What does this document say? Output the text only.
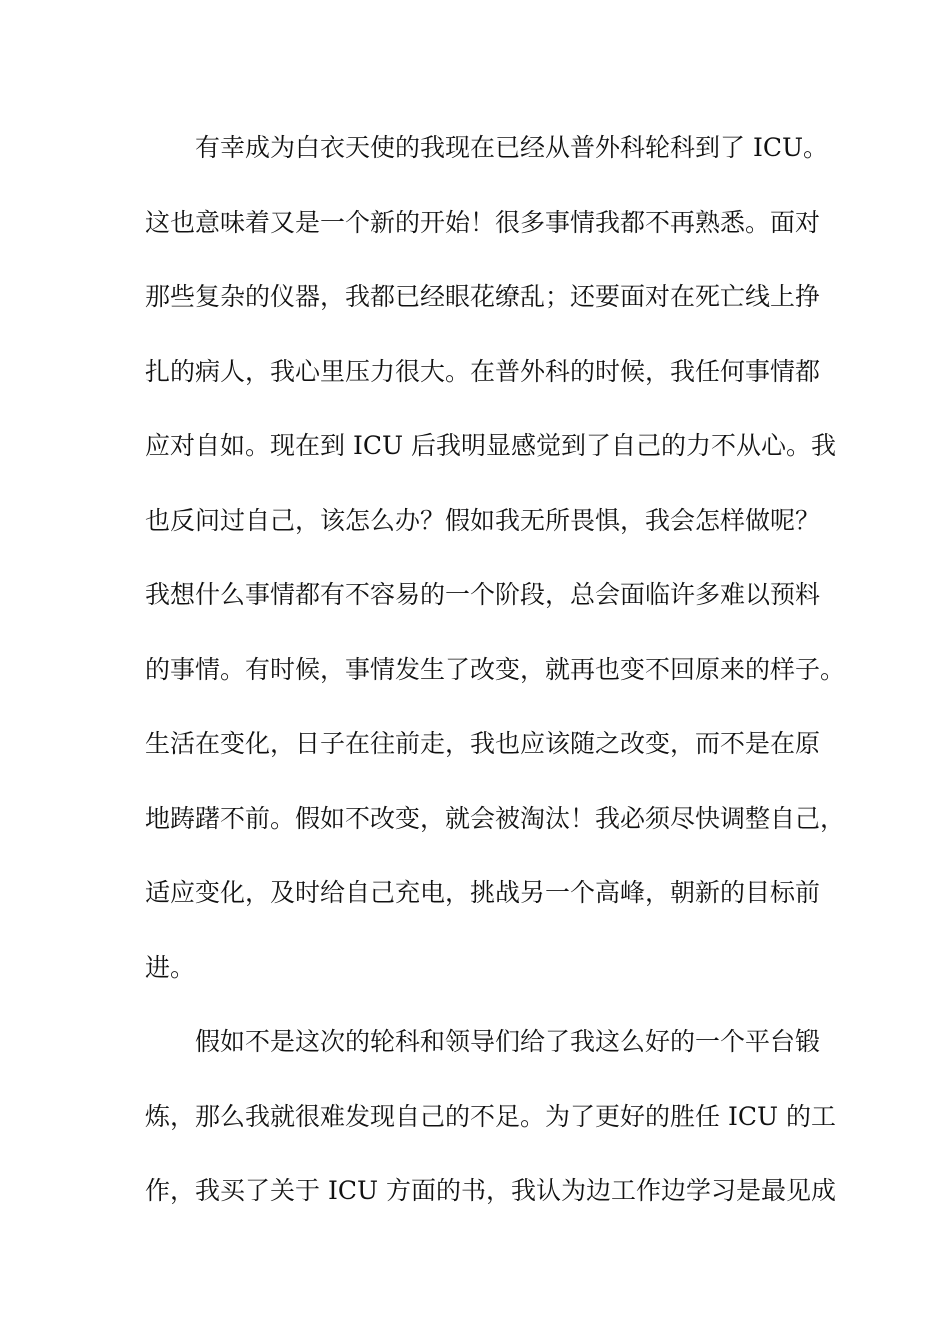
有幸成为白衣天使的我现在已经从普外科轮科到了 ICU。
这也意味着又是一个新的开始！很多事情我都不再熟悉。面对
那些复杂的仪器，我都已经眼花缭乱；还要面对在死亡线上挣
扎的病人，我心里压力很大。在普外科的时候，我任何事情都
应对自如。现在到 ICU 后我明显感觉到了自己的力不从心。我
也反问过自己，该怎么办？假如我无所畏惧，我会怎样做呢？
我想什么事情都有不容易的一个阶段，总会面临许多难以预料
的事情。有时候，事情发生了改变，就再也变不回原来的样子。
生活在变化，日子在往前走，我也应该随之改变，而不是在原
地踌躇不前。假如不改变，就会被淘汰！我必须尽快调整自己，
适应变化，及时给自己充电，挑战另一个高峰，朝新的目标前
进。
假如不是这次的轮科和领导们给了我这么好的一个平台锻
炼，那么我就很难发现自己的不足。为了更好的胜任 ICU 的工
作，我买了关于 ICU 方面的书，我认为边工作边学习是最见成
